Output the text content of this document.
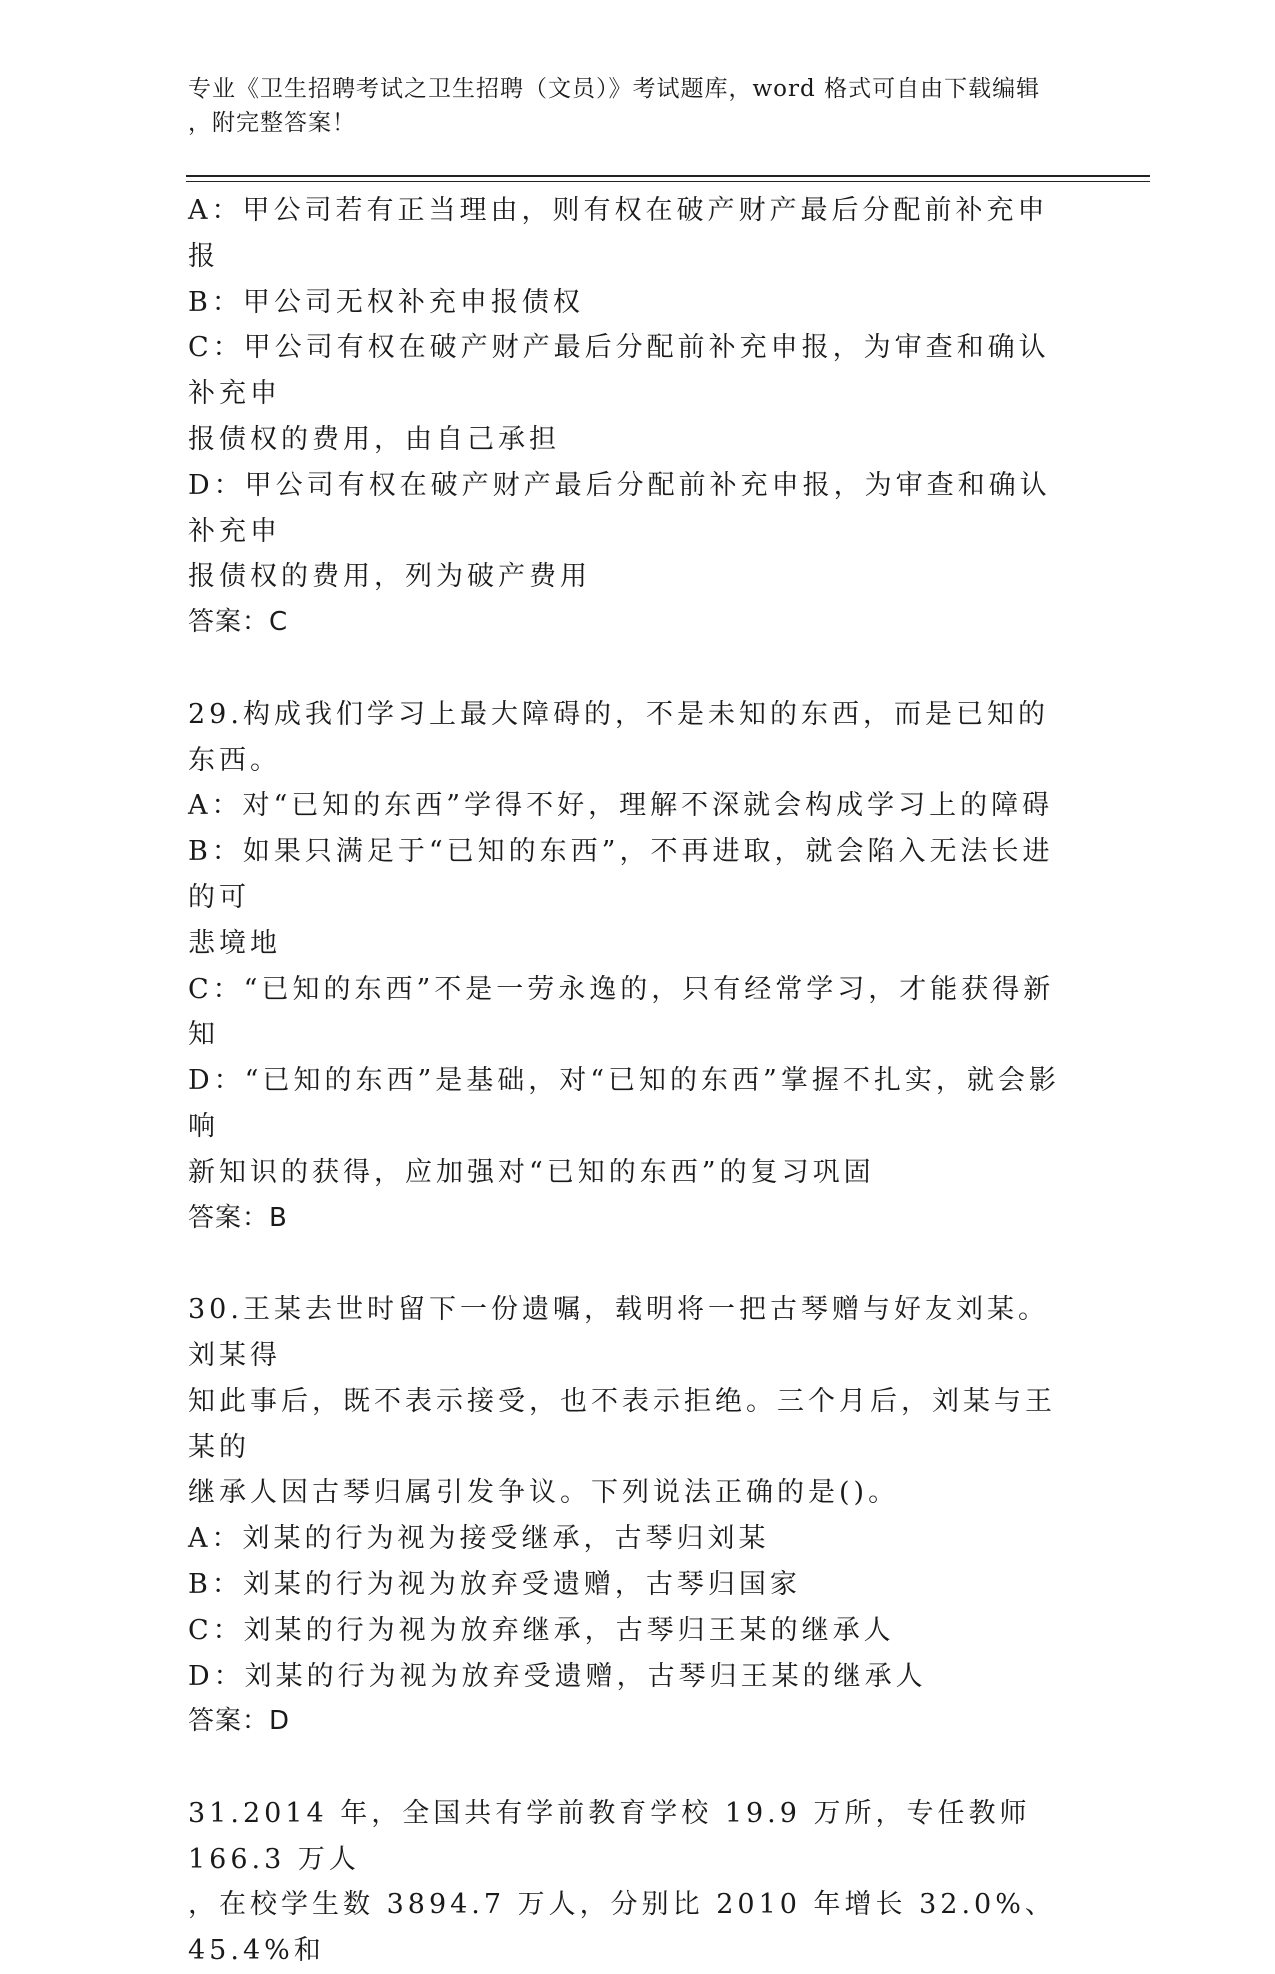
专业《卫生招聘考试之卫生招聘（文员）》考试题库，word 格式可自由下载编辑
，附完整答案！

A：甲公司若有正当理由，则有权在破产财产最后分配前补充申报

B：甲公司无权补充申报债权

C：甲公司有权在破产财产最后分配前补充申报，为审查和确认补充申

报债权的费用，由自己承担

D：甲公司有权在破产财产最后分配前补充申报，为审查和确认补充申

报债权的费用，列为破产费用

答案：C

29.构成我们学习上最大障碍的，不是未知的东西，而是已知的东西。

A：对“已知的东西”学得不好，理解不深就会构成学习上的障碍

B：如果只满足于“已知的东西”，不再进取，就会陷入无法长进的可

悲境地

C：“已知的东西”不是一劳永逸的，只有经常学习，才能获得新知

D：“已知的东西”是基础，对“已知的东西”掌握不扎实，就会影响

新知识的获得，应加强对“已知的东西”的复习巩固

答案：B

30.王某去世时留下一份遗嘱，载明将一把古琴赠与好友刘某。刘某得

知此事后，既不表示接受，也不表示拒绝。三个月后，刘某与王某的

继承人因古琴归属引发争议。下列说法正确的是()。

A：刘某的行为视为接受继承，古琴归刘某

B：刘某的行为视为放弃受遗赠，古琴归国家

C：刘某的行为视为放弃继承，古琴归王某的继承人

D：刘某的行为视为放弃受遗赠，古琴归王某的继承人

答案：D

31.2014 年，全国共有学前教育学校 19.9 万所，专任教师 166.3 万人

，在校学生数 3894.7 万人，分别比 2010 年增长 32.0%、45.4%和
